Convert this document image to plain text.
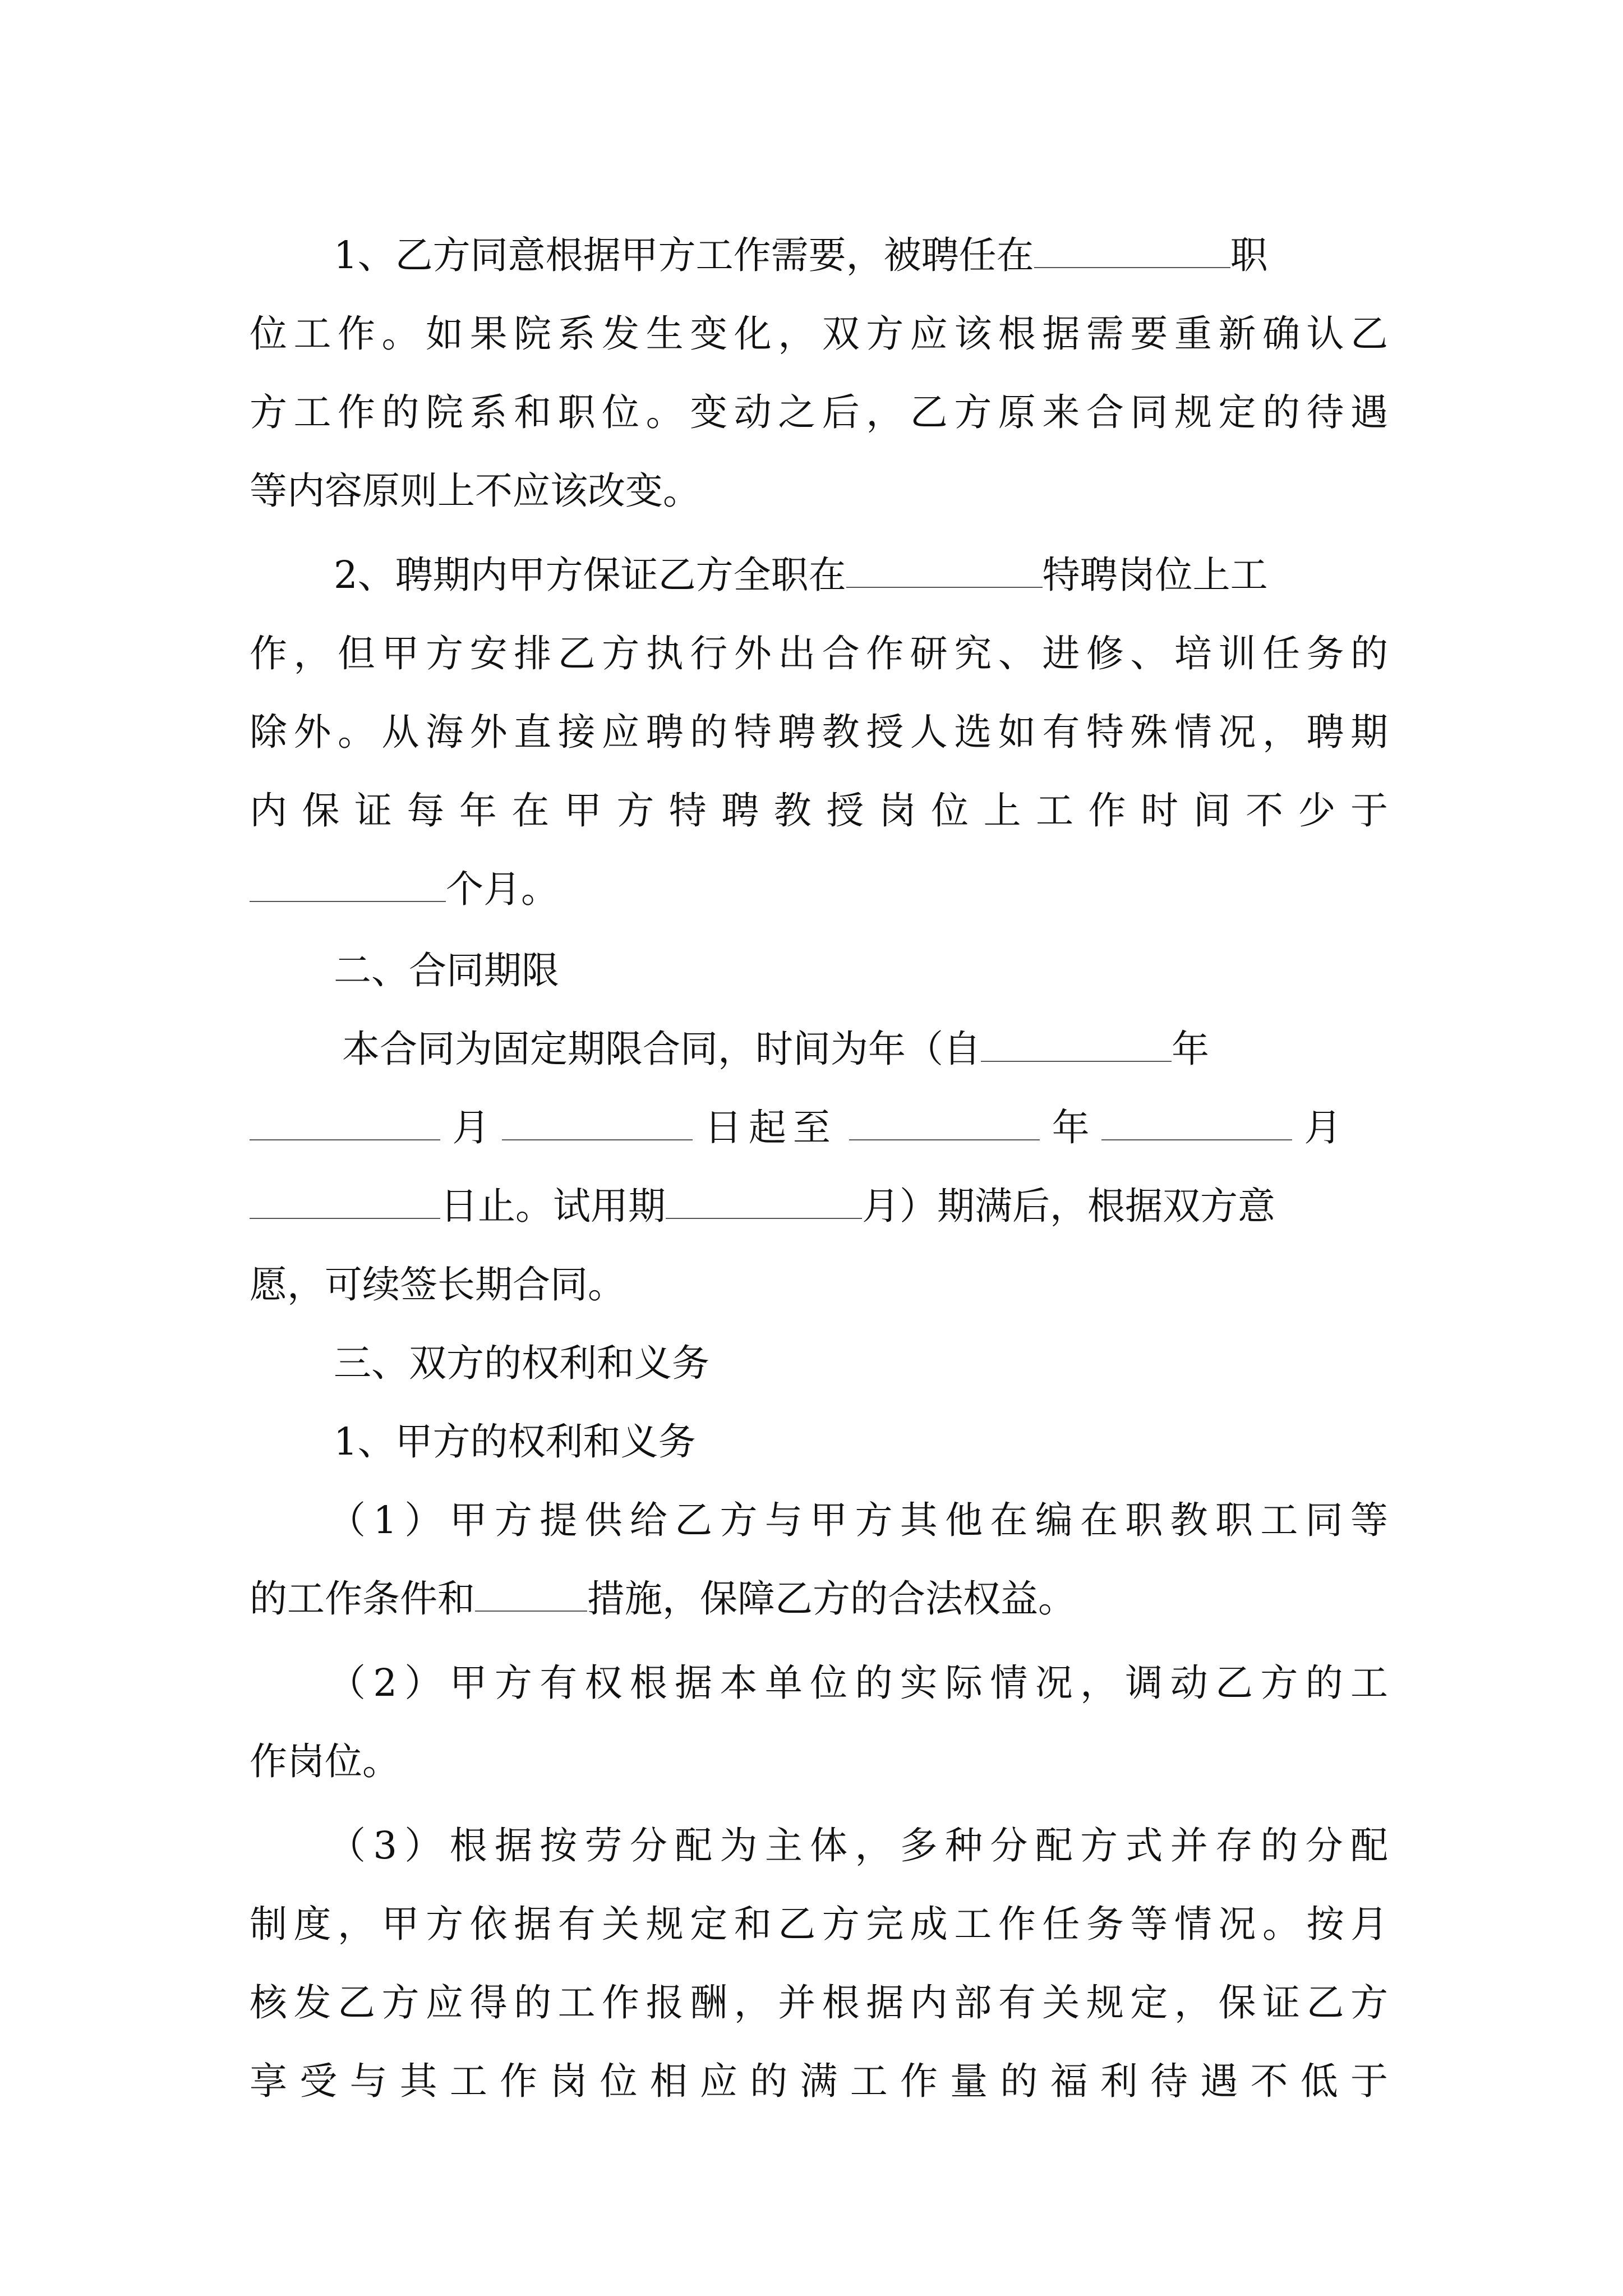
1、乙方同意根据甲方工作需要，被聘任在	职
位工作。如果院系发生变化，双方应该根据需要重新确认乙
方工作的院系和职位。变动之后，乙方原来合同规定的待遇
等内容原则上不应该改变。
2、聘期内甲方保证乙方全职在	特聘岗位上工
作，但甲方安排乙方执行外出合作研究、进修、培训任务的
除外。从海外直接应聘的特聘教授人选如有特殊情况，聘期
内保证每年在甲方特聘教授岗位上工作时间不少于
个月。
二、合同期限
本合同为固定期限合同，时间为年（自	年
月	日起至	年	月
日止。试用期	月）期满后，根据双方意
愿，可续签长期合同。
三、双方的权利和义务
1、甲方的权利和义务
（1）甲方提供给乙方与甲方其他在编在职教职工同等
的工作条件和	措施，保障乙方的合法权益。
（2）甲方有权根据本单位的实际情况，调动乙方的工
作岗位。
（3）根据按劳分配为主体，多种分配方式并存的分配
制度，甲方依据有关规定和乙方完成工作任务等情况。按月
核发乙方应得的工作报酬，并根据内部有关规定，保证乙方
享受与其工作岗位相应的满工作量的福利待遇不低于
